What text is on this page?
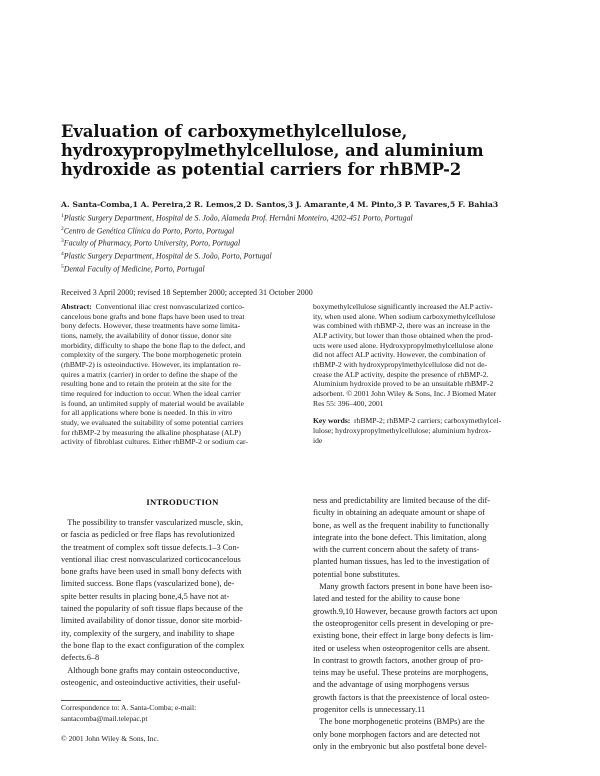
Evaluation of carboxymethylcellulose,
hydroxypropylmethylcellulose, and aluminium
hydroxide as potential carriers for rhBMP-2
A. Santa-Comba,1 A. Pereira,2 R. Lemos,2 D. Santos,3 J. Amarante,4 M. Pinto,3 P. Tavares,5 F. Bahia3
$^1$Plastic Surgery Department, Hospital de S. João, Alameda Prof. Hernâni Monteiro, 4202-451 Porto, Portugal
$^2$Centro de Genética Clínica do Porto, Porto, Portugal
$^3$Faculty of Pharmacy, Porto University, Porto, Portugal
$^4$Plastic Surgery Department, Hospital de S. João, Porto, Portugal
$^5$Dental Faculty of Medicine, Porto, Portugal
Received 3 April 2000; revised 18 September 2000; accepted 31 October 2000
Abstract: Conventional iliac crest nonvascularized cortico-
cancelous bone grafts and bone flaps have been used to treat
bony defects. However, these treatments have some limita-
tions, namely, the availability of donor tissue, donor site
morbidity, difficulty to shape the bone flap to the defect, and
complexity of the surgery. The bone morphogenetic protein
(rhBMP-2) is osteoinductive. However, its implantation re-
quires a matrix (carrier) in order to define the shape of the
resulting bone and to retain the protein at the site for the
time required for induction to occur. When the ideal carrier
is found, an unlimited supply of material would be available
for all applications where bone is needed. In this in vitro
study, we evaluated the suitability of some potential carriers
for rhBMP-2 by measuring the alkaline phosphatase (ALP)
activity of fibroblast cultures. Either rhBMP-2 or sodium car-
boxymethylcellulose significantly increased the ALP activ-
ity, when used alone. When sodium carboxymethylcellulose
was combined with rhBMP-2, there was an increase in the
ALP activity, but lower than those obtained when the prod-
ucts were used alone. Hydroxypropylmethylcellulose alone
did not affect ALP activity. However, the combination of
rhBMP-2 with hydroxypropylmethylcellulose did not de-
crease the ALP activity, despite the presence of rhBMP-2.
Aluminium hydroxide proved to be an unsuitable rhBMP-2
adsorbent. © 2001 John Wiley & Sons, Inc. J Biomed Mater
Res 55: 396–400, 2001
Key words: rhBMP-2; rhBMP-2 carriers; carboxymethylcel-
lulose; hydroxypropylmethylcellulose; aluminium hydrox-
ide
INTRODUCTION
The possibility to transfer vascularized muscle, skin,
or fascia as pedicled or free flaps has revolutionized
the treatment of complex soft tissue defects.1–3 Con-
ventional iliac crest nonvascularized corticocancelous
bone grafts have been used in small bony defects with
limited success. Bone flaps (vascularized bone), de-
spite better results in placing bone,4,5 have not at-
tained the popularity of soft tissue flaps because of the
limited availability of donor tissue, donor site morbid-
ity, complexity of the surgery, and inability to shape
the bone flap to the exact configuration of the complex
defects.6–8
Although bone grafts may contain osteoconductive,
osteogenic, and osteoinductive activities, their useful-
ness and predictability are limited because of the dif-
ficulty in obtaining an adequate amount or shape of
bone, as well as the frequent inability to functionally
integrate into the bone defect. This limitation, along
with the current concern about the safety of trans-
planted human tissues, has led to the investigation of
potential bone substitutes.
Many growth factors present in bone have been iso-
lated and tested for the ability to cause bone
growth.9,10 However, because growth factors act upon
the osteoprogenitor cells present in developing or pre-
existing bone, their effect in large bony defects is lim-
ited or useless when osteoprogenitor cells are absent.
In contrast to growth factors, another group of pro-
teins may be useful. These proteins are morphogens,
and the advantage of using morphogens versus
growth factors is that the preexistence of local osteo-
progenitor cells is unnecessary.11
The bone morphogenetic proteins (BMPs) are the
only bone morphogen factors and are detected not
only in the embryonic but also postfetal bone devel-
Correspondence to: A. Santa-Comba; e-mail:
santacomba@mail.telepac.pt
© 2001 John Wiley & Sons, Inc.
